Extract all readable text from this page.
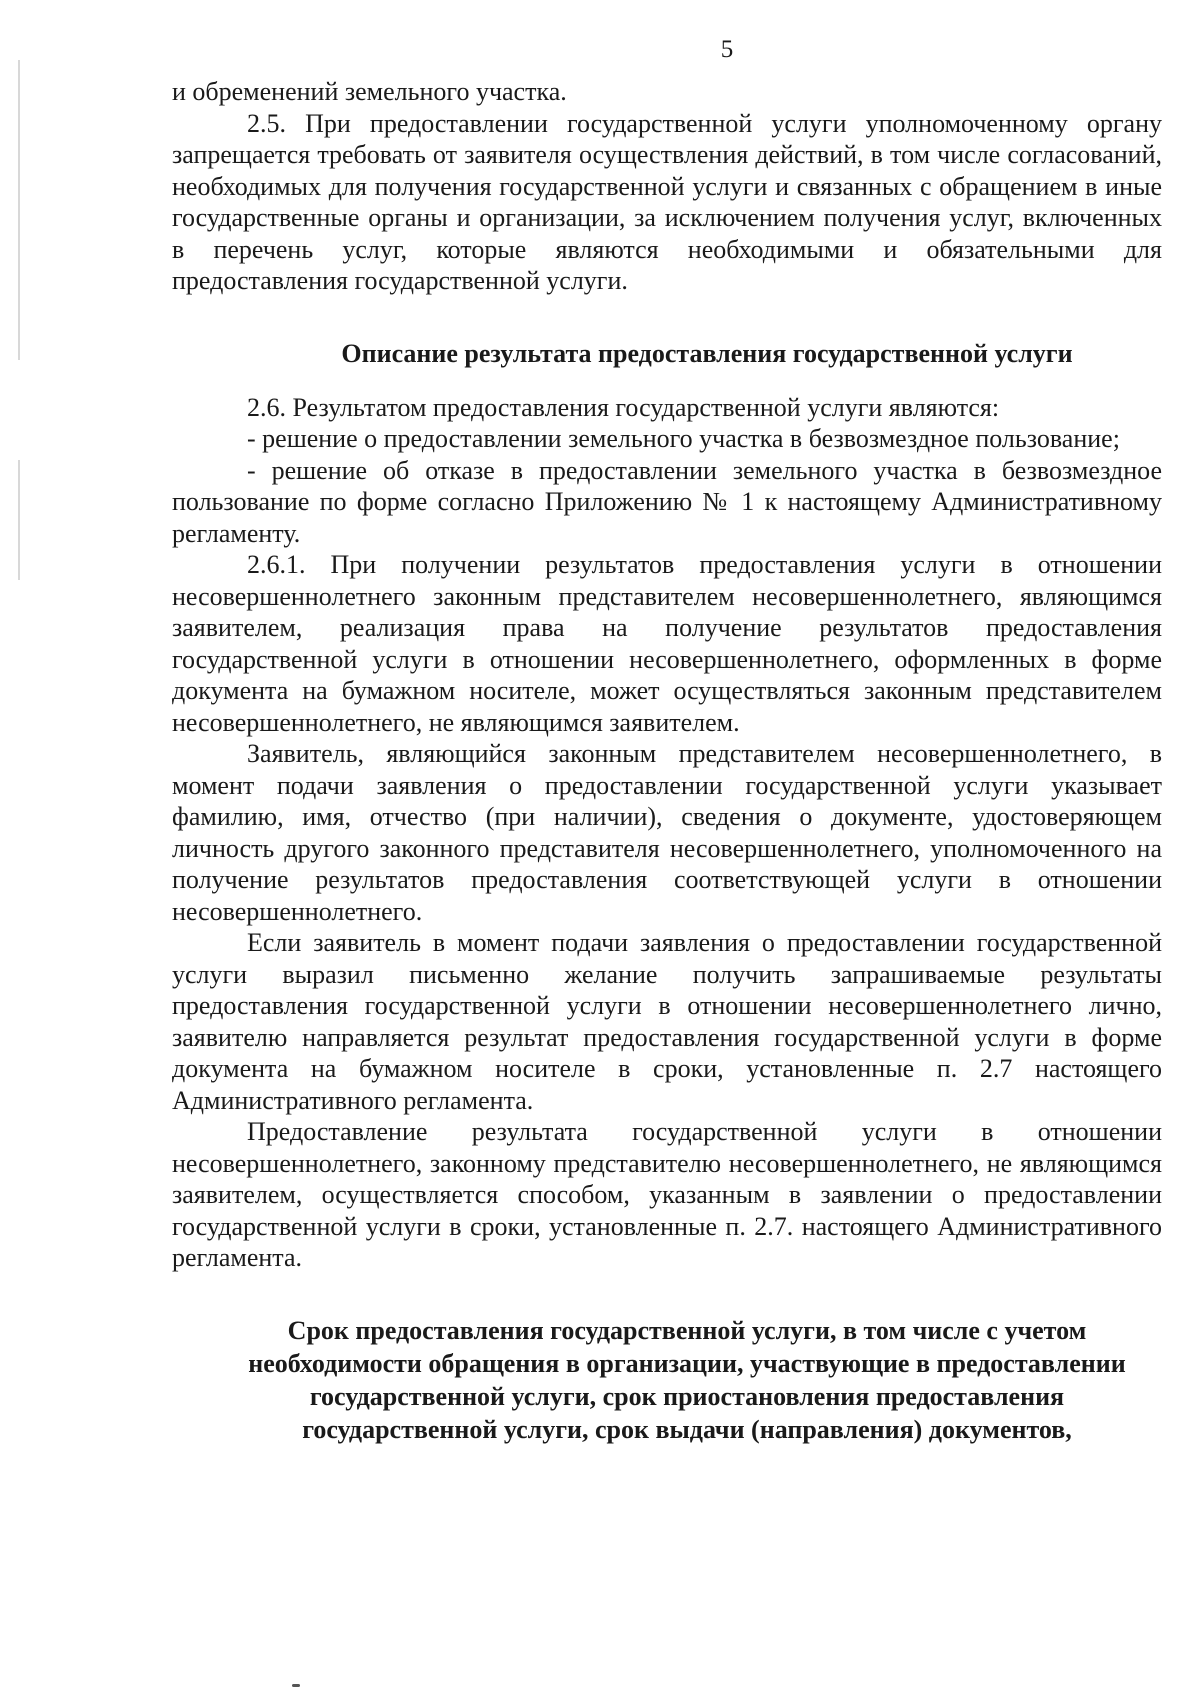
5

и обременений земельного участка.

2.5. При предоставлении государственной услуги уполномоченному органу запрещается требовать от заявителя осуществления действий, в том числе согласований, необходимых для получения государственной услуги и связанных с обращением в иные государственные органы и организации, за исключением получения услуг, включенных в перечень услуг, которые являются необходимыми и обязательными для предоставления государственной услуги.

Описание результата предоставления государственной услуги

2.6. Результатом предоставления государственной услуги являются:

- решение о предоставлении земельного участка в безвозмездное пользование;

- решение об отказе в предоставлении земельного участка в безвозмездное пользование по форме согласно Приложению № 1 к настоящему Административному регламенту.

2.6.1. При получении результатов предоставления услуги в отношении несовершеннолетнего законным представителем несовершеннолетнего, являющимся заявителем, реализация права на получение результатов предоставления государственной услуги в отношении несовершеннолетнего, оформленных в форме документа на бумажном носителе, может осуществляться законным представителем несовершеннолетнего, не являющимся заявителем.

Заявитель, являющийся законным представителем несовершеннолетнего, в момент подачи заявления о предоставлении государственной услуги указывает фамилию, имя, отчество (при наличии), сведения о документе, удостоверяющем личность другого законного представителя несовершеннолетнего, уполномоченного на получение результатов предоставления соответствующей услуги в отношении несовершеннолетнего.

Если заявитель в момент подачи заявления о предоставлении государственной услуги выразил письменно желание получить запрашиваемые результаты предоставления государственной услуги в отношении несовершеннолетнего лично, заявителю направляется результат предоставления государственной услуги в форме документа на бумажном носителе в сроки, установленные п. 2.7 настоящего Административного регламента.

Предоставление результата государственной услуги в отношении несовершеннолетнего, законному представителю несовершеннолетнего, не являющимся заявителем, осуществляется способом, указанным в заявлении о предоставлении государственной услуги в сроки, установленные п. 2.7. настоящего Административного регламента.

Срок предоставления государственной услуги, в том числе с учетом необходимости обращения в организации, участвующие в предоставлении государственной услуги, срок приостановления предоставления государственной услуги, срок выдачи (направления) документов,
